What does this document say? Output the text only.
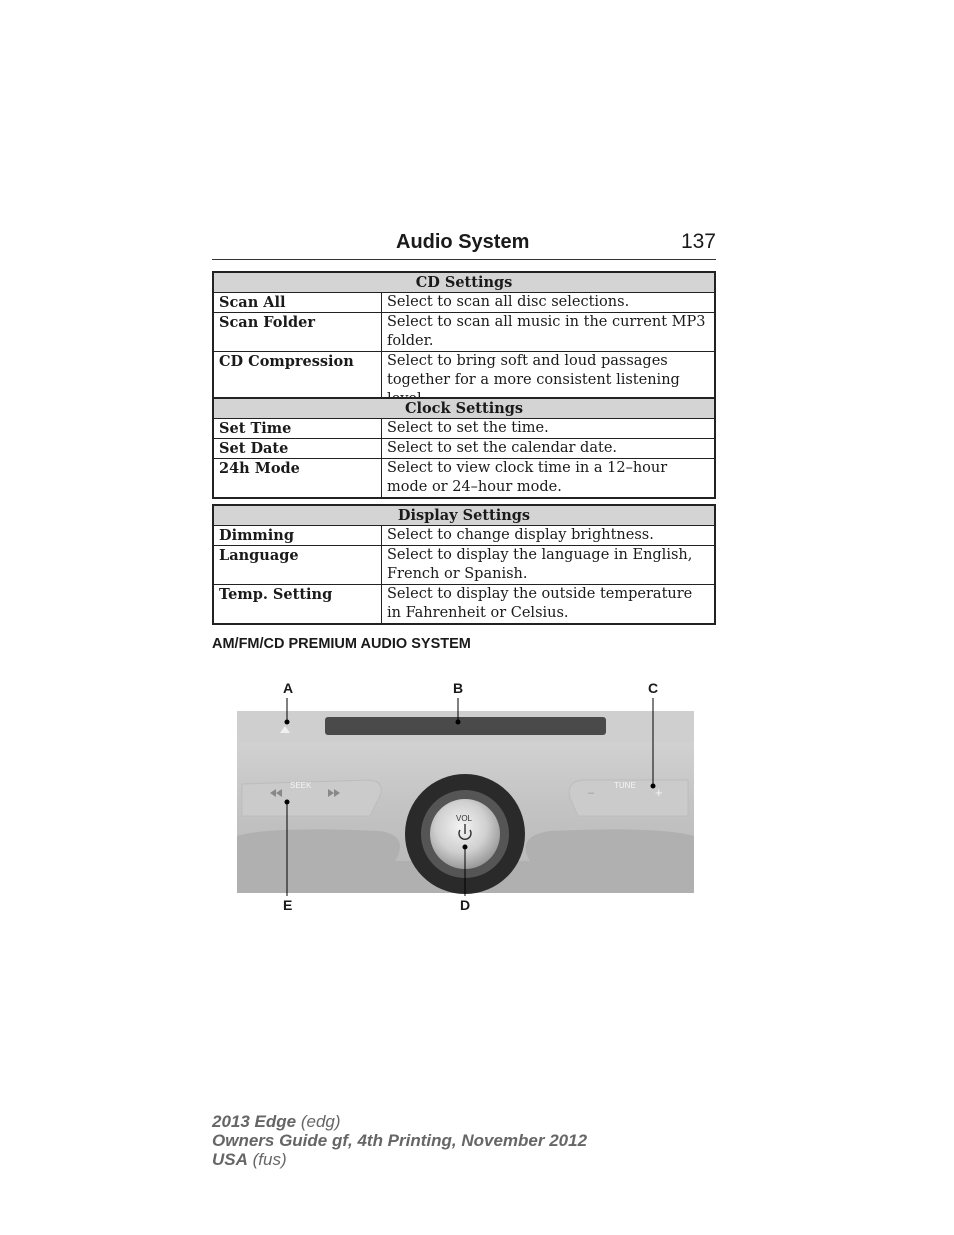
Audio System	137
CD Settings	
Scan All	Select to scan all disc selections.
Scan Folder	Select to scan all music in the current MP3 folder.
CD Compression	Select to bring soft and loud passages together for a more consistent listening
Clock Settings	
Set Time	Select to set the time.
Set Date	Select to set the calendar date.
24h Mode	Select to view clock time in a 12–hour mode or 24–hour mode.
Display Settings	
Dimming	Select to change display brightness.
Language	Select to display the language in English, French or Spanish.
Temp. Setting	Select to display the outside temperature in Fahrenheit or Celsius.
AM/FM/CD PREMIUM AUDIO SYSTEM
A	B	C
D
E
SEEK	TUNE
–	+
VOL
2013 Edge (edg)
Owners Guide gf, 4th Printing, November 2012
USA (fus)
